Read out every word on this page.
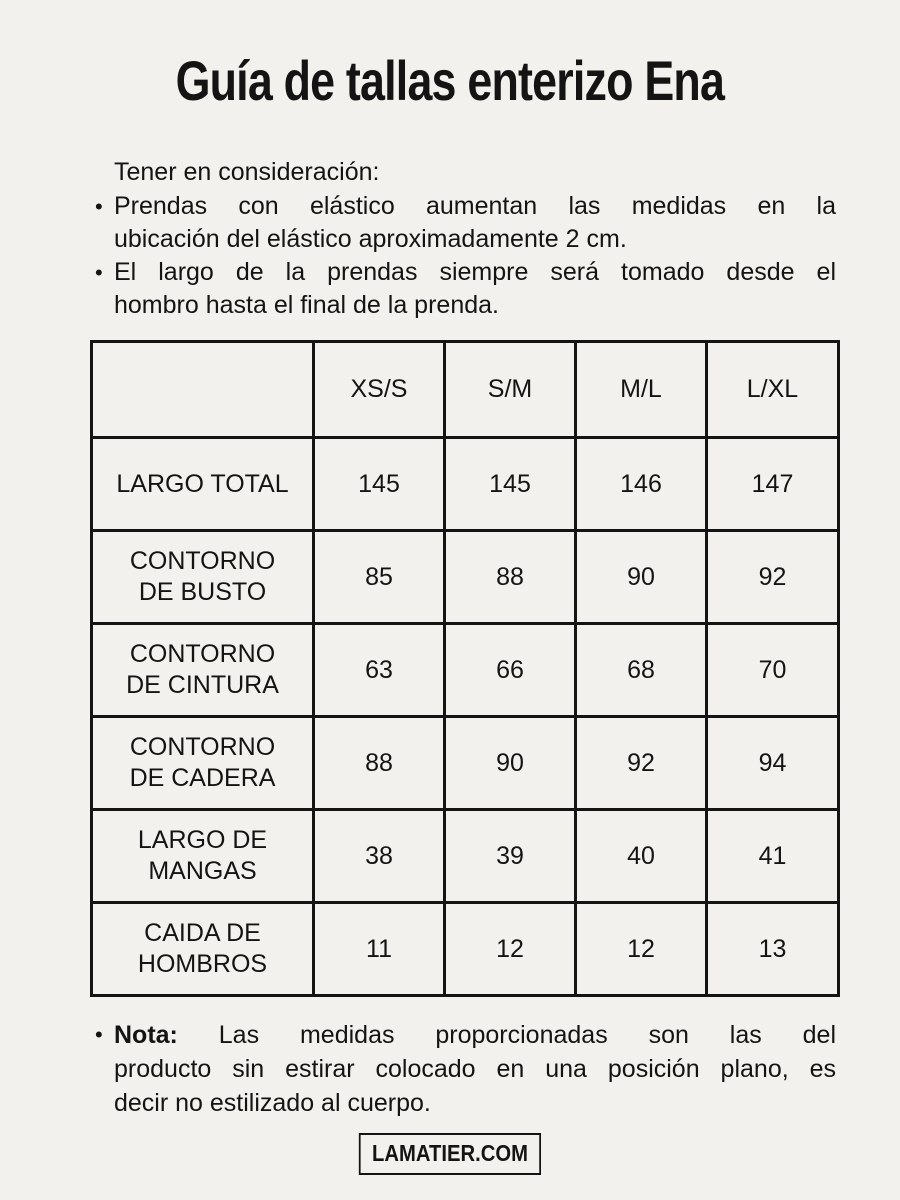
Guía de tallas enterizo Ena

Tener en consideración:

• Prendas con elástico aumentan las medidas en la
ubicación del elástico aproximadamente 2 cm.
• El largo de la prendas siempre será tomado desde el
hombro hasta el final de la prenda.
	XS/S	S/M	M/L	L/XL
LARGO TOTAL	145	145	146	147
CONTORNO DE BUSTO	85	88	90	92
CONTORNO DE CINTURA	63	66	68	70
CONTORNO DE CADERA	88	90	92	94
LARGO DE MANGAS	38	39	40	41
CAIDA DE HOMBROS	11	12	12	13
• Nota: Las medidas proporcionadas son las del
producto sin estirar colocado en una posición plano, es
decir no estilizado al cuerpo.
LAMATIER.COM
